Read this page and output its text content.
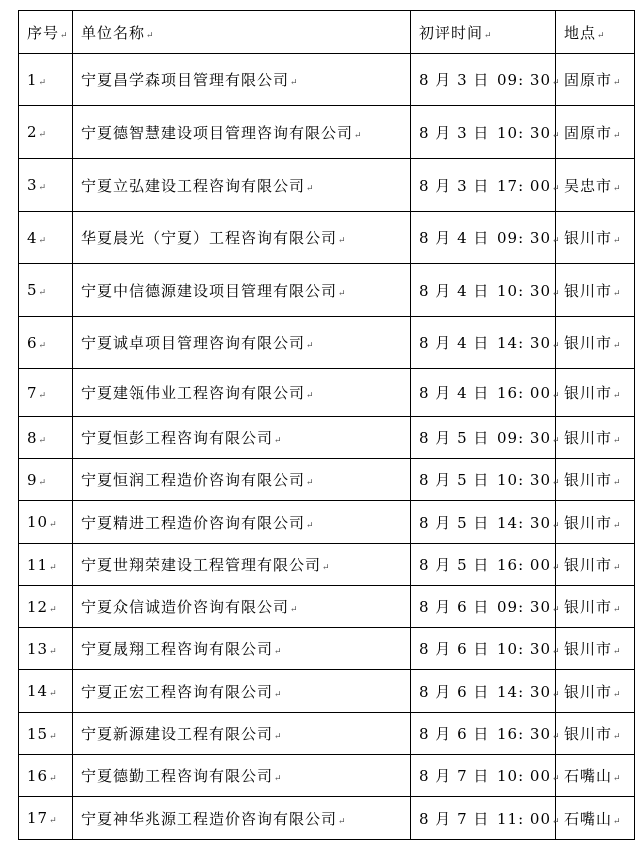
序号↵	单位名称↵	初评时间↵	地点↵
1↵	宁夏昌学森项目管理有限公司↵	8 月 3 日 09: 30↵	固原市↵
2↵	宁夏德智慧建设项目管理咨询有限公司↵	8 月 3 日 10: 30↵	固原市↵
3↵	宁夏立弘建设工程咨询有限公司↵	8 月 3 日 17: 00↵	吴忠市↵
4↵	华夏晨光（宁夏）工程咨询有限公司↵	8 月 4 日 09: 30↵	银川市↵
5↵	宁夏中信德源建设项目管理有限公司↵	8 月 4 日 10: 30↵	银川市↵
6↵	宁夏诚卓项目管理咨询有限公司↵	8 月 4 日 14: 30↵	银川市↵
7↵	宁夏建瓴伟业工程咨询有限公司↵	8 月 4 日 16: 00↵	银川市↵
8↵	宁夏恒彭工程咨询有限公司↵	8 月 5 日 09: 30↵	银川市↵
9↵	宁夏恒润工程造价咨询有限公司↵	8 月 5 日 10: 30↵	银川市↵
10↵	宁夏精进工程造价咨询有限公司↵	8 月 5 日 14: 30↵	银川市↵
11↵	宁夏世翔荣建设工程管理有限公司↵	8 月 5 日 16: 00↵	银川市↵
12↵	宁夏众信诚造价咨询有限公司↵	8 月 6 日 09: 30↵	银川市↵
13↵	宁夏晟翔工程咨询有限公司↵	8 月 6 日 10: 30↵	银川市↵
14↵	宁夏正宏工程咨询有限公司↵	8 月 6 日 14: 30↵	银川市↵
15↵	宁夏新源建设工程有限公司↵	8 月 6 日 16: 30↵	银川市↵
16↵	宁夏德勤工程咨询有限公司↵	8 月 7 日 10: 00↵	石嘴山↵
17↵	宁夏神华兆源工程造价咨询有限公司↵	8 月 7 日 11: 00↵	石嘴山↵
